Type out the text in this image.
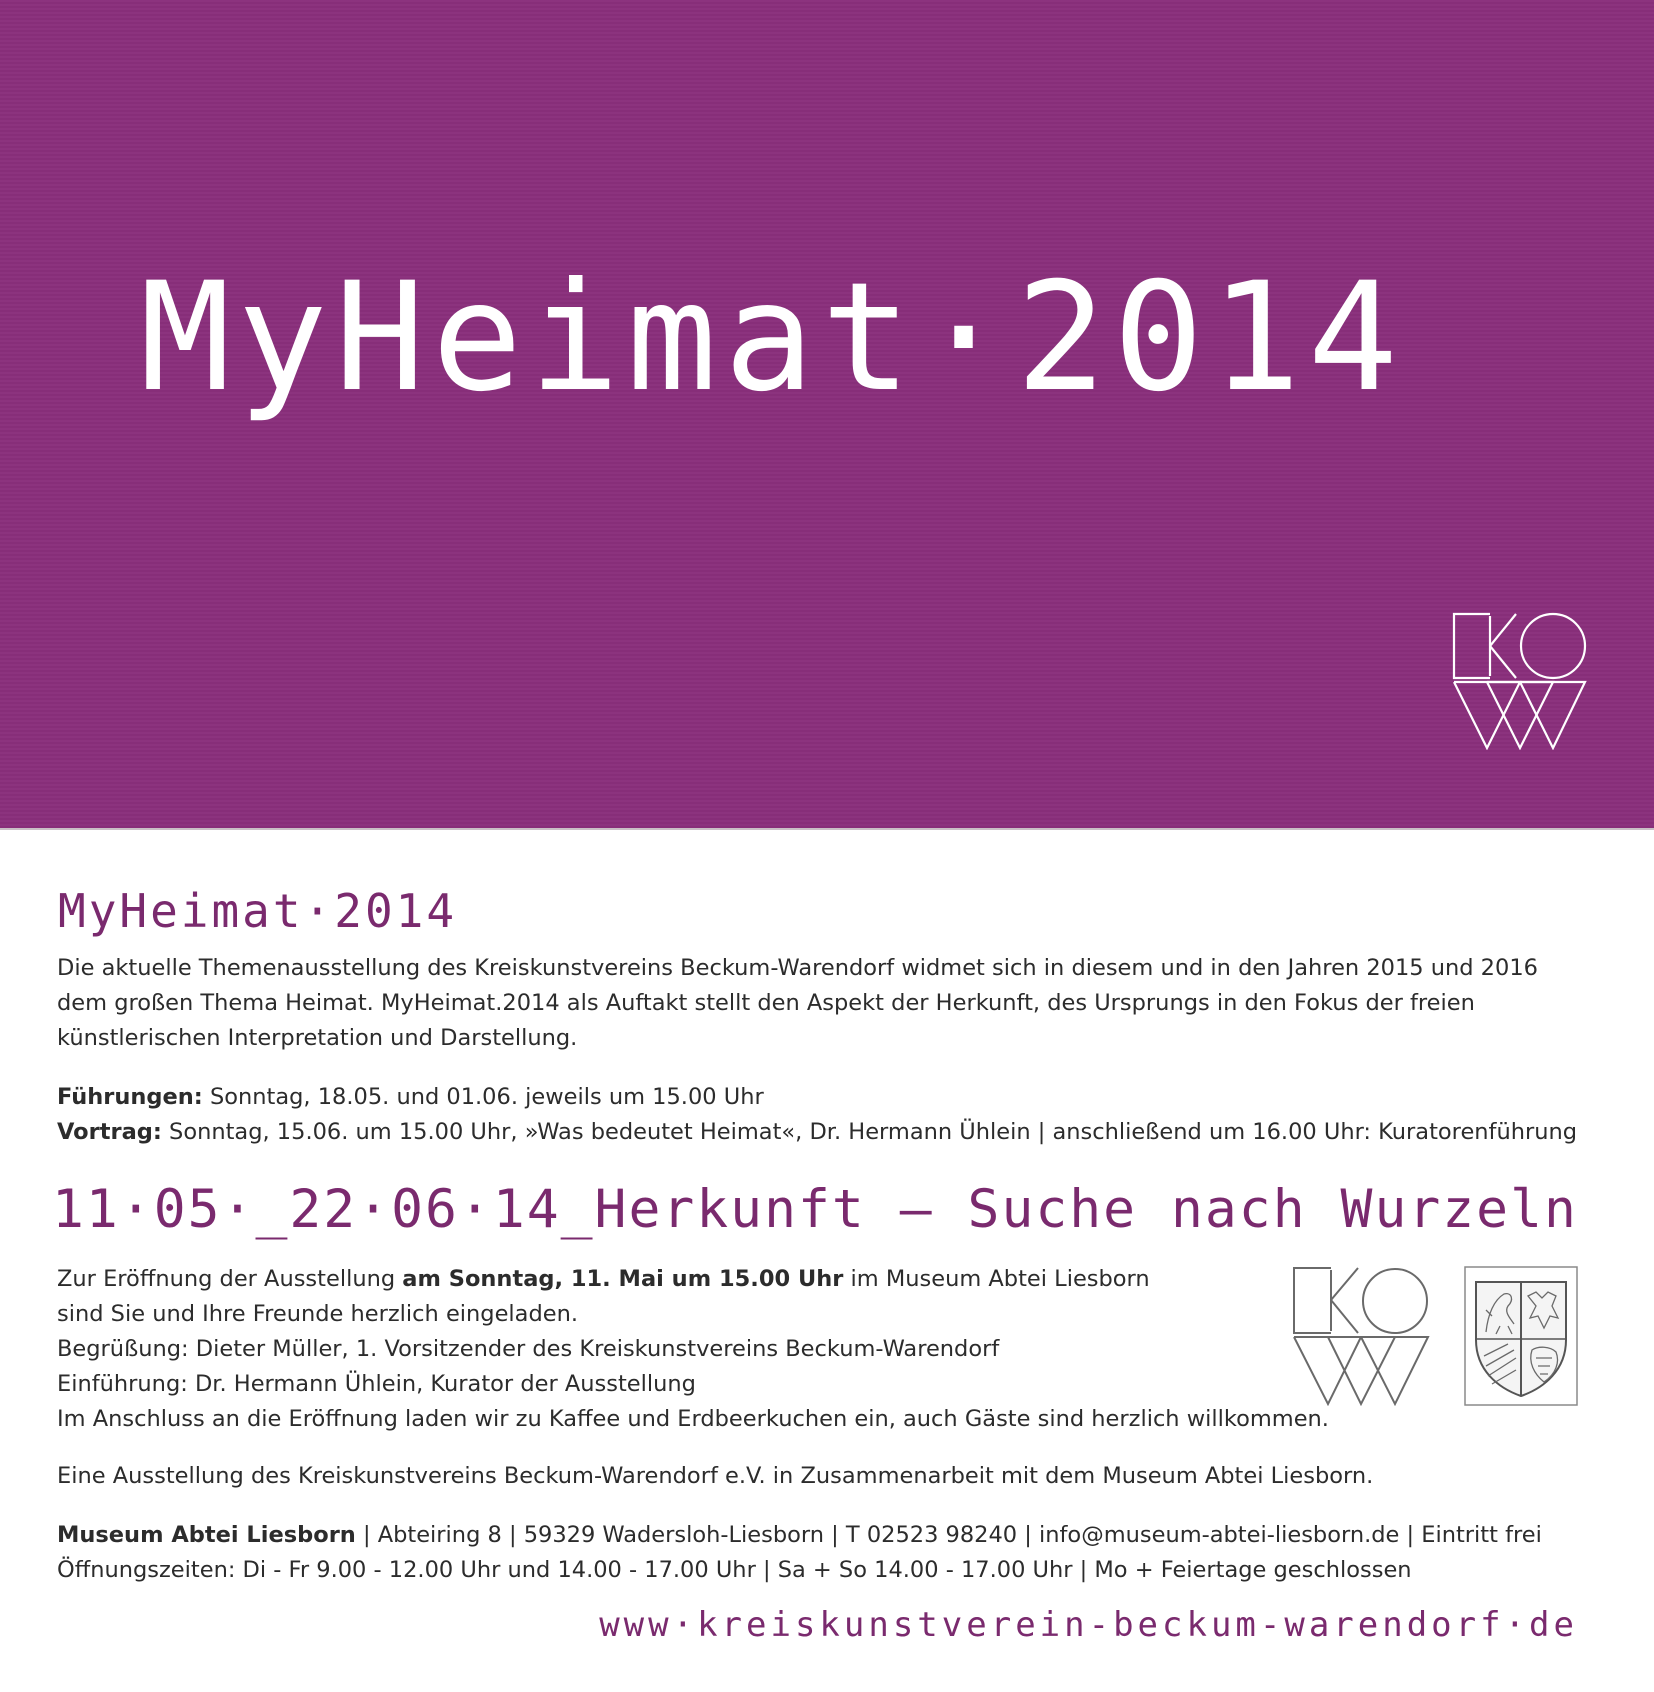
MyHeimat·2014
MyHeimat·2014
Die aktuelle Themenausstellung des Kreiskunstvereins Beckum-Warendorf widmet sich in diesem und in den Jahren 2015 und 2016
dem großen Thema Heimat. MyHeimat.2014 als Auftakt stellt den Aspekt der Herkunft, des Ursprungs in den Fokus der freien
künstlerischen Interpretation und Darstellung.
Führungen: Sonntag, 18.05. und 01.06. jeweils um 15.00 Uhr
Vortrag: Sonntag, 15.06. um 15.00 Uhr, »Was bedeutet Heimat«, Dr. Hermann Ühlein | anschließend um 16.00 Uhr: Kuratorenführung
11·05·_22·06·14_Herkunft – Suche nach Wurzeln
Zur Eröffnung der Ausstellung am Sonntag, 11. Mai um 15.00 Uhr im Museum Abtei Liesborn
sind Sie und Ihre Freunde herzlich eingeladen.
Begrüßung: Dieter Müller, 1. Vorsitzender des Kreiskunstvereins Beckum-Warendorf
Einführung: Dr. Hermann Ühlein, Kurator der Ausstellung
Im Anschluss an die Eröffnung laden wir zu Kaffee und Erdbeerkuchen ein, auch Gäste sind herzlich willkommen.
Eine Ausstellung des Kreiskunstvereins Beckum-Warendorf e.V. in Zusammenarbeit mit dem Museum Abtei Liesborn.
Museum Abtei Liesborn | Abteiring 8 | 59329 Wadersloh-Liesborn | T 02523 98240 | info@museum-abtei-liesborn.de | Eintritt frei
Öffnungszeiten: Di - Fr 9.00 - 12.00 Uhr und 14.00 - 17.00 Uhr | Sa + So 14.00 - 17.00 Uhr | Mo + Feiertage geschlossen
www·kreiskunstverein-beckum-warendorf·de
